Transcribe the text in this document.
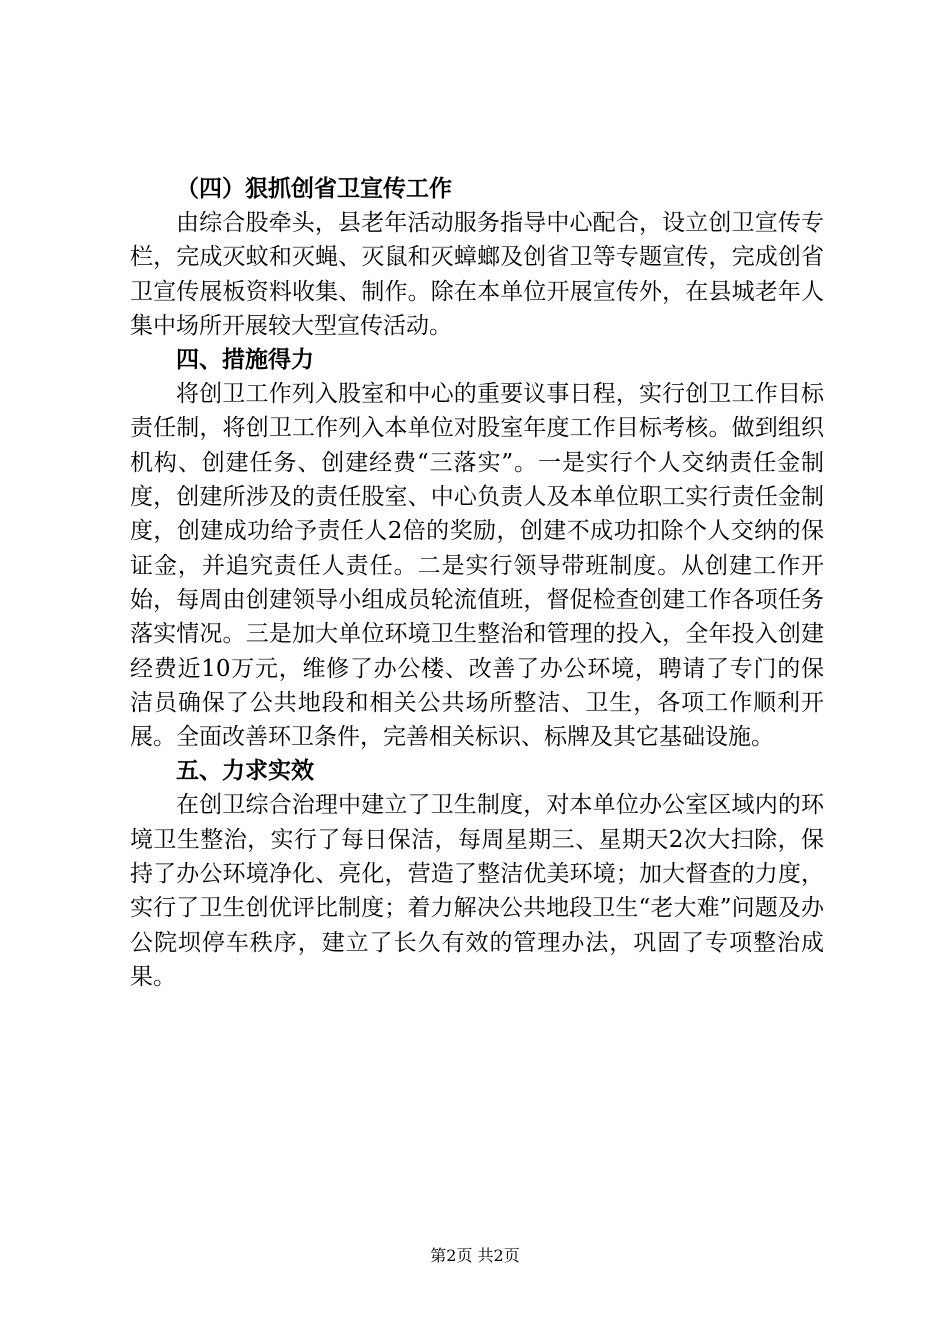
（四）狠抓创省卫宣传工作

由综合股牵头，县老年活动服务指导中心配合，设立创卫宣传专栏，完成灭蚊和灭蝇、灭鼠和灭蟑螂及创省卫等专题宣传，完成创省卫宣传展板资料收集、制作。除在本单位开展宣传外，在县城老年人集中场所开展较大型宣传活动。

四、措施得力

将创卫工作列入股室和中心的重要议事日程，实行创卫工作目标责任制，将创卫工作列入本单位对股室年度工作目标考核。做到组织机构、创建任务、创建经费“三落实”。一是实行个人交纳责任金制度，创建所涉及的责任股室、中心负责人及本单位职工实行责任金制度，创建成功给予责任人2倍的奖励，创建不成功扣除个人交纳的保证金，并追究责任人责任。二是实行领导带班制度。从创建工作开始，每周由创建领导小组成员轮流值班，督促检查创建工作各项任务落实情况。三是加大单位环境卫生整治和管理的投入，全年投入创建经费近10万元，维修了办公楼、改善了办公环境，聘请了专门的保洁员确保了公共地段和相关公共场所整洁、卫生，各项工作顺利开展。全面改善环卫条件，完善相关标识、标牌及其它基础设施。

五、力求实效

在创卫综合治理中建立了卫生制度，对本单位办公室区域内的环境卫生整治，实行了每日保洁，每周星期三、星期天2次大扫除，保持了办公环境净化、亮化，营造了整洁优美环境；加大督查的力度，实行了卫生创优评比制度；着力解决公共地段卫生“老大难”问题及办公院坝停车秩序，建立了长久有效的管理办法，巩固了专项整治成果。

第2页 共2页
